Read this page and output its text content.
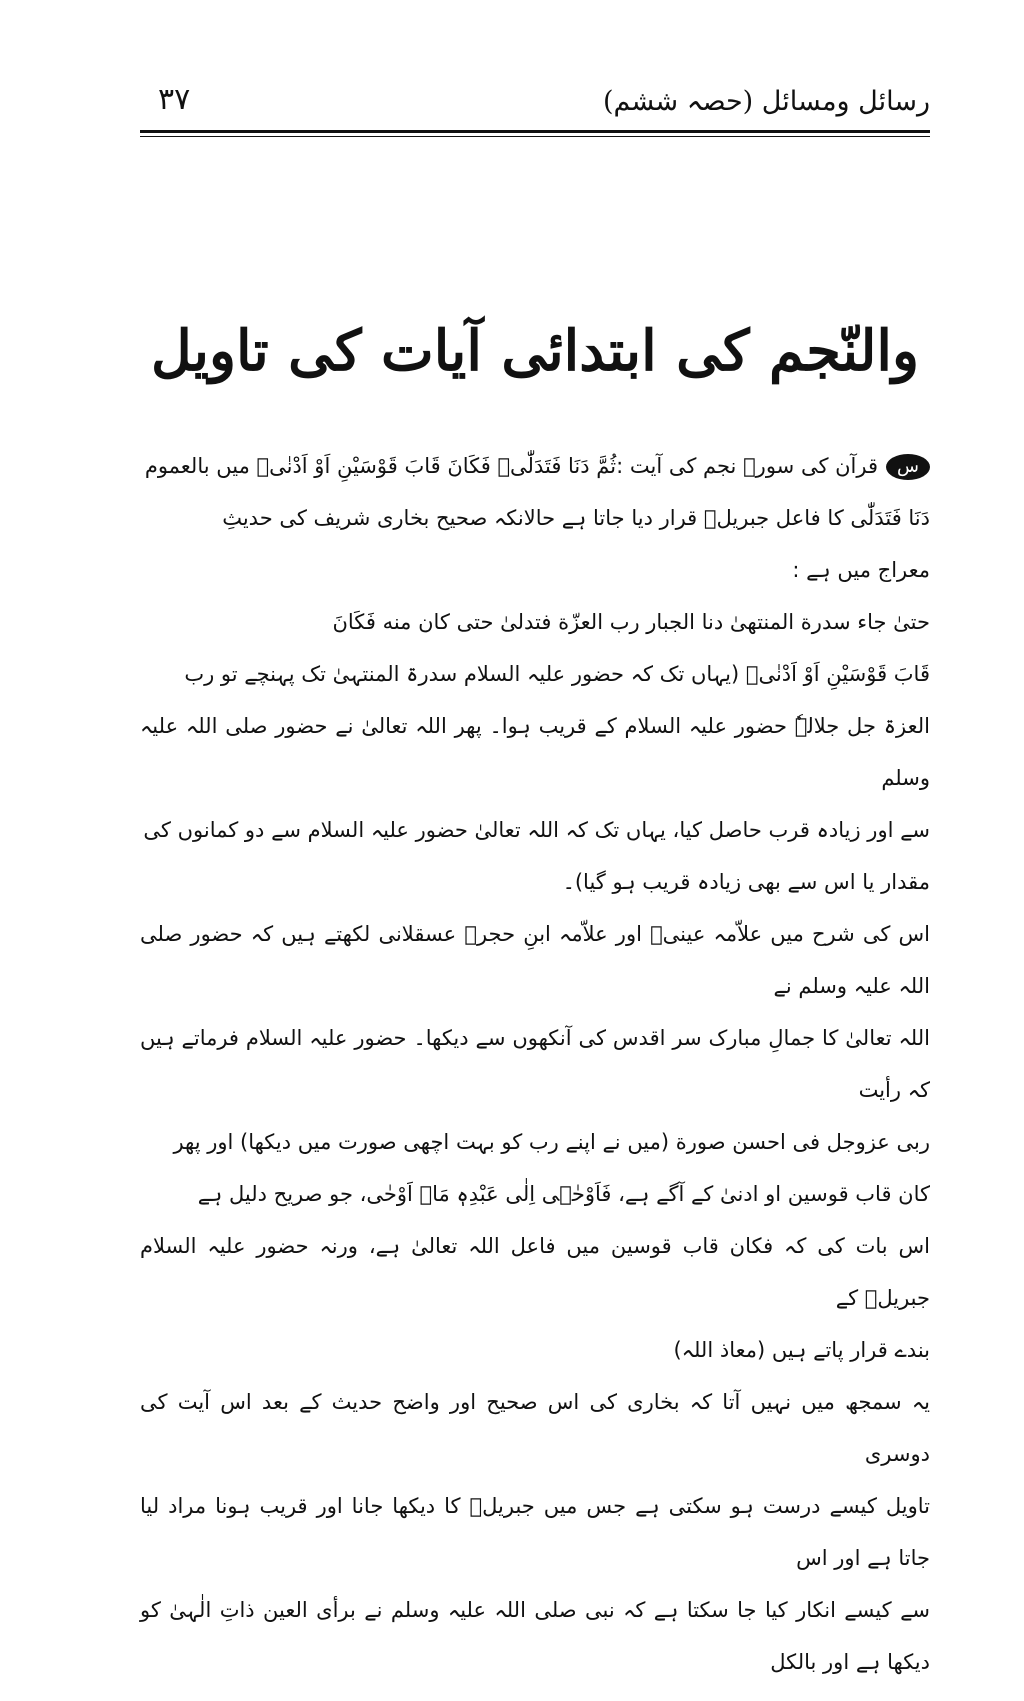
رسائل ومسائل (حصہ ششم)
۳۷
والنّجم کی ابتدائی آیات کی تاویل

سقرآن کی سورۂ نجم کی آیت :ثُمَّ دَنَا فَتَدَلّٰیۙ فَكَانَ قَابَ قَوْسَیْنِ اَوْ اَدْنٰیۚ میں بالعموم

دَنَا فَتَدَلّٰی کا فاعل جبریلؑ قرار دیا جاتا ہے حالانکہ صحیح بخاری شریف کی حدیثِ

معراج میں ہے :

حتیٰ جاء سدرة المنتهیٰ دنا الجبار رب العزّة فتدلیٰ حتی کان منه فَكَانَ

قَابَ قَوْسَیْنِ اَوْ اَدْنٰیۚ (یہاں تک کہ حضور علیہ السلام سدرۃ المنتہیٰ تک پہنچے تو رب

العزۃ جل جلالہٗ حضور علیہ السلام کے قریب ہوا۔ پھر اللہ تعالیٰ نے حضور صلی اللہ علیہ وسلم

سے اور زیادہ قرب حاصل کیا، یہاں تک کہ اللہ تعالیٰ حضور علیہ السلام سے دو کمانوں کی

مقدار یا اس سے بھی زیادہ قریب ہو گیا)۔

اس کی شرح میں علاّمہ عینیؒ اور علاّمہ ابنِ حجرؒ عسقلانی لکھتے ہیں کہ حضور صلی اللہ علیہ وسلم نے

اللہ تعالیٰ کا جمالِ مبارک سر اقدس کی آنکھوں سے دیکھا۔ حضور علیہ السلام فرماتے ہیں کہ رأیت

ربی عزوجل فی احسن صورة (میں نے اپنے رب کو بہت اچھی صورت میں دیکھا) اور پھر

کان قاب قوسین او ادنیٰ کے آگے ہے، فَاَوْحٰۤى اِلٰى عَبْدِهٖ مَاۤ اَوْحٰى، جو صریح دلیل ہے

اس بات کی کہ فکان قاب قوسین میں فاعل اللہ تعالیٰ ہے، ورنہ حضور علیہ السلام جبریلؑ کے

بندے قرار پاتے ہیں (معاذ اللہ)

یہ سمجھ میں نہیں آتا کہ بخاری کی اس صحیح اور واضح حدیث کے بعد اس آیت کی دوسری

تاویل کیسے درست ہو سکتی ہے جس میں جبریلؑ کا دیکھا جانا اور قریب ہونا مراد لیا جاتا ہے اور اس

سے کیسے انکار کیا جا سکتا ہے کہ نبی صلی اللہ علیہ وسلم نے برأی العین ذاتِ الٰہیٰ کو دیکھا ہے اور بالکل
